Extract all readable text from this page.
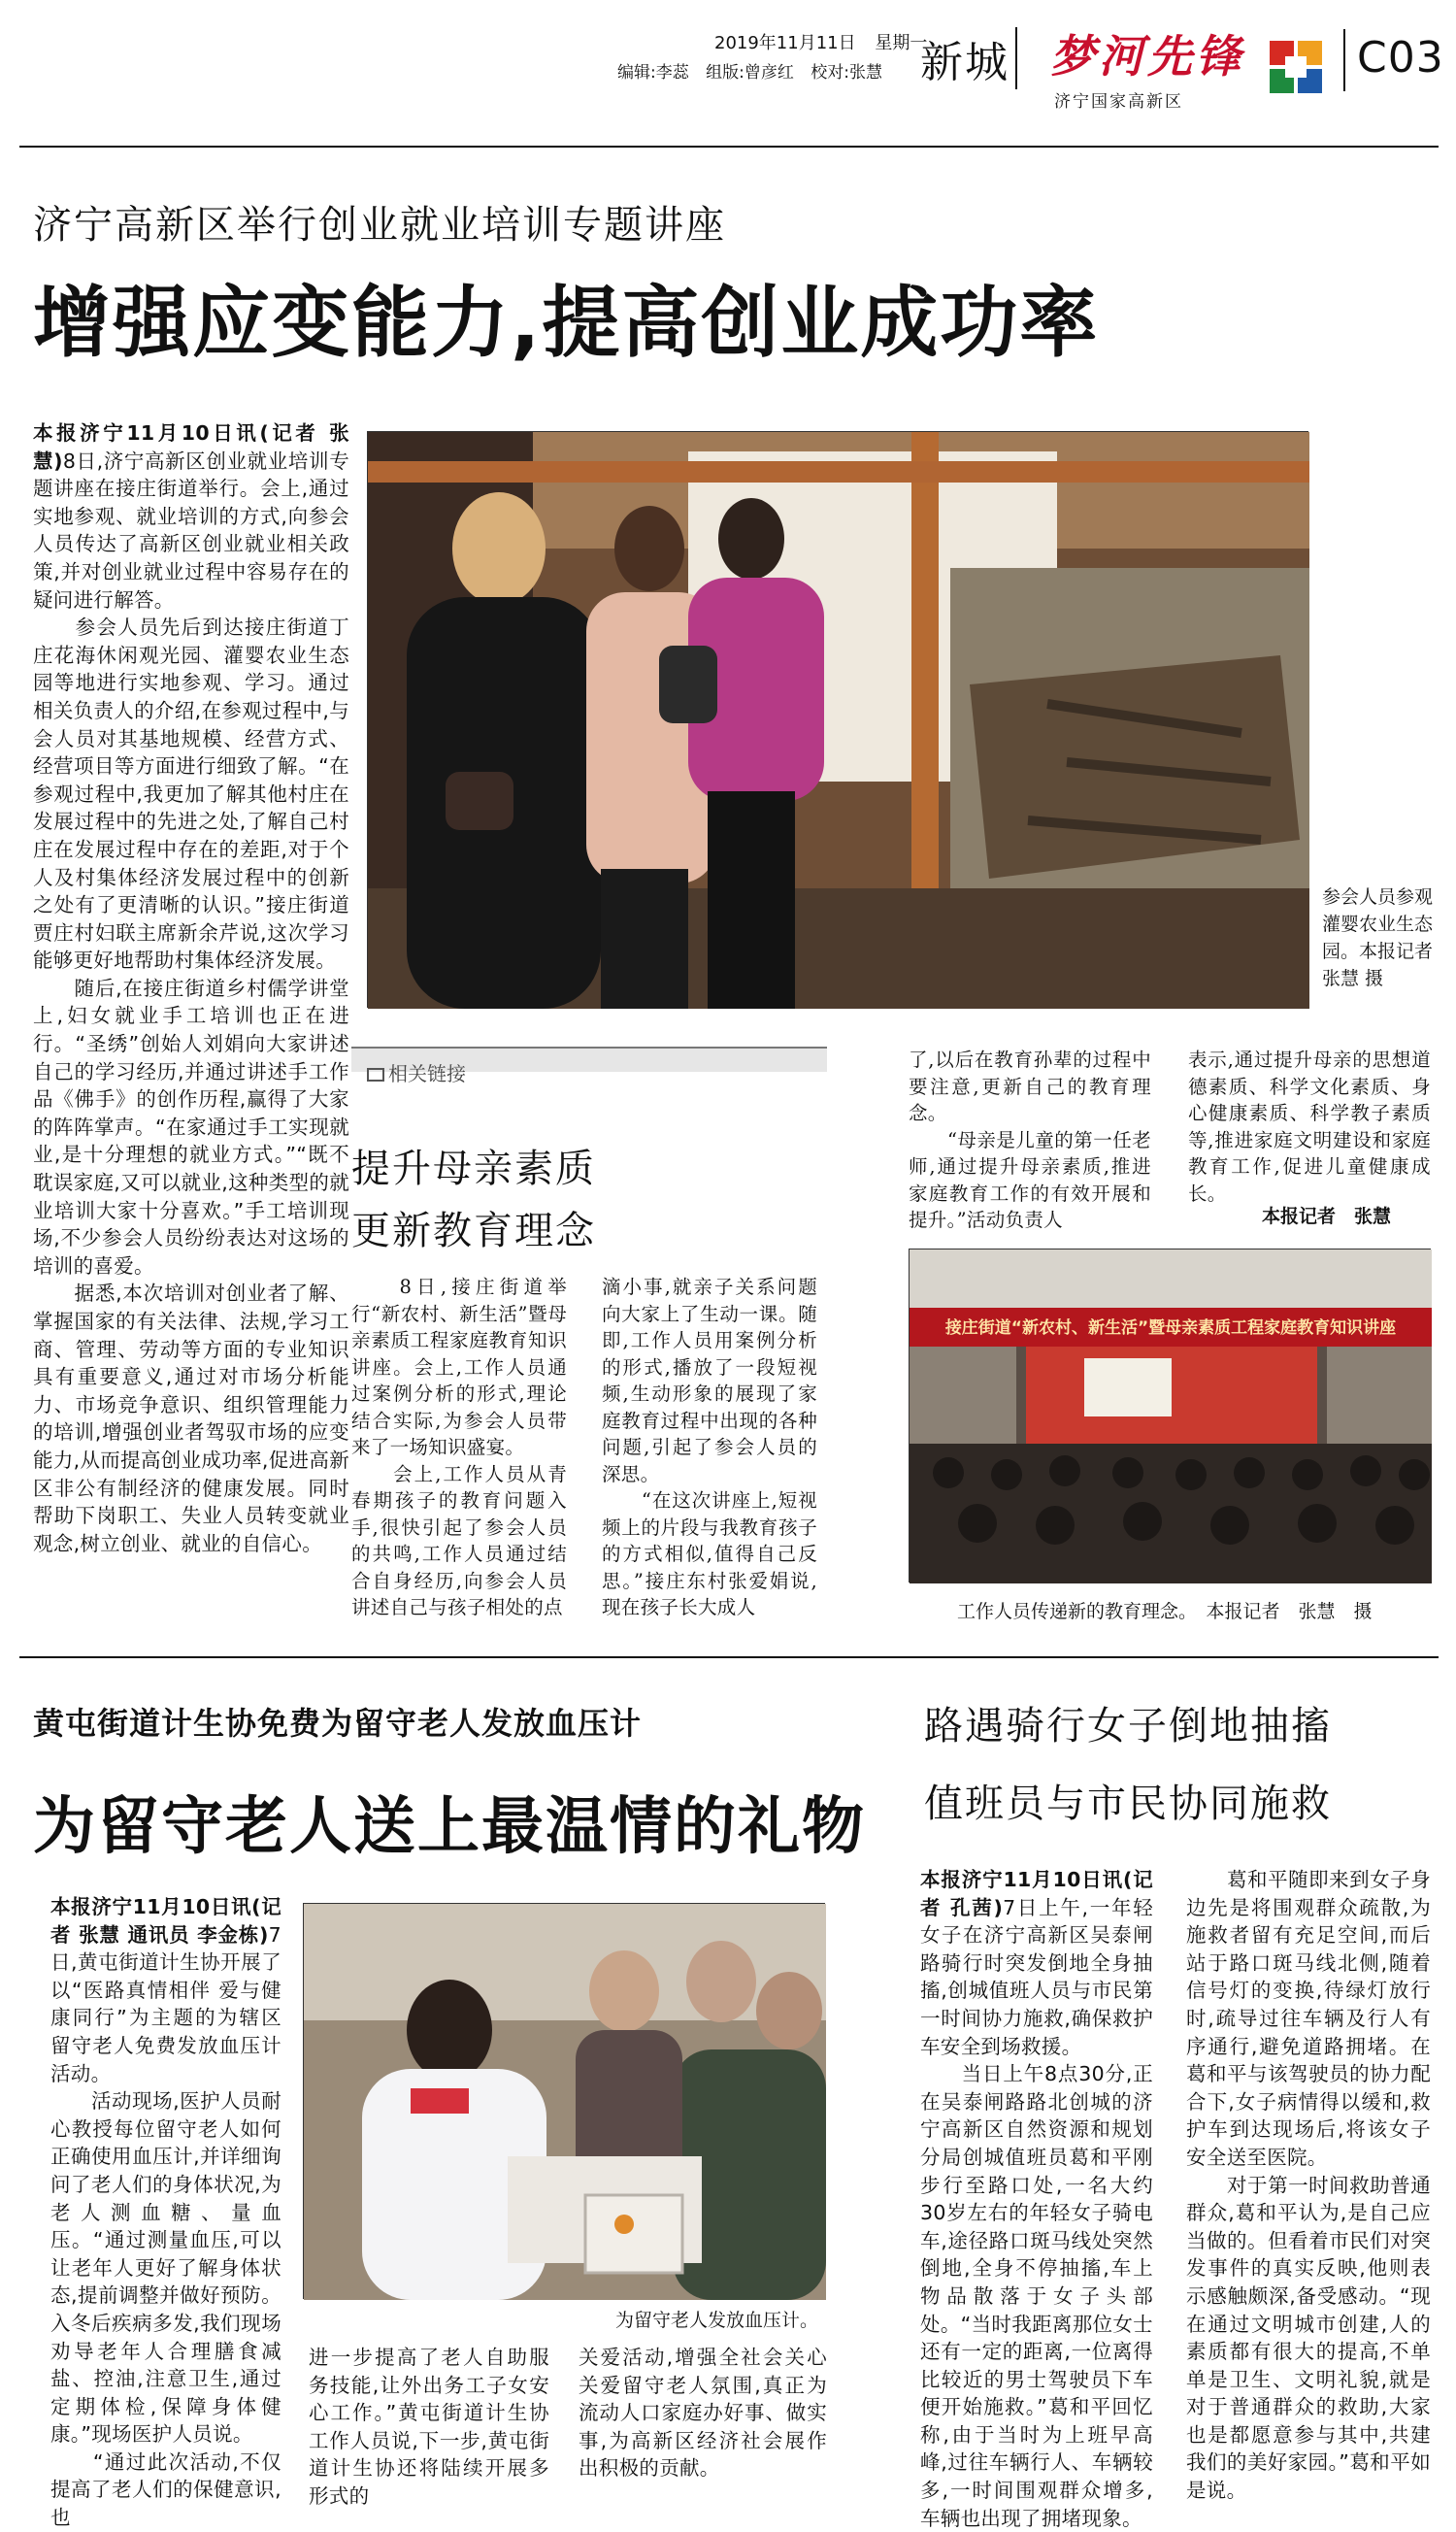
2019年11月11日 星期一
编辑:李蕊 组版:曾彦红 校对:张慧 新城 梦河先锋
济宁国家高新区
C03
济宁高新区举行创业就业培训专题讲座
增强应变能力,提高创业成功率
本报济宁11月10日讯(记者 张慧)8日,济宁高新区创业就业培训专题讲座在接庄街道举行。会上,通过实地参观、就业培训的方式,向参会人员传达了高新区创业就业相关政策,并对创业就业过程中容易存在的疑问进行解答。
　　参会人员先后到达接庄街道丁庄花海休闲观光园、灌婴农业生态园等地进行实地参观、学习。通过相关负责人的介绍,在参观过程中,与会人员对其基地规模、经营方式、经营项目等方面进行细致了解。“在参观过程中,我更加了解其他村庄在发展过程中的先进之处,了解自己村庄在发展过程中存在的差距,对于个人及村集体经济发展过程中的创新之处有了更清晰的认识。”接庄街道贾庄村妇联主席新余芹说,这次学习能够更好地帮助村集体经济发展。
　　随后,在接庄街道乡村儒学讲堂上,妇女就业手工培训也正在进行。“圣绣”创始人刘娟向大家讲述自己的学习经历,并通过讲述手工作品《佛手》的创作历程,赢得了大家的阵阵掌声。“在家通过手工实现就业,是十分理想的就业方式。”“既不耽误家庭,又可以就业,这种类型的就业培训大家十分喜欢。”手工培训现场,不少参会人员纷纷表达对这场的培训的喜爱。
　　据悉,本次培训对创业者了解、掌握国家的有关法律、法规,学习工商、管理、劳动等方面的专业知识具有重要意义,通过对市场分析能力、市场竞争意识、组织管理能力的培训,增强创业者驾驭市场的应变能力,从而提高创业成功率,促进高新区非公有制经济的健康发展。同时帮助下岗职工、失业人员转变就业观念,树立创业、就业的自信心。
参会人员参观灌婴农业生态园。本报记者 张慧 摄
相关链接
提升母亲素质
更新教育理念
　　8日,接庄街道举行“新农村、新生活”暨母亲素质工程家庭教育知识讲座。会上,工作人员通过案例分析的形式,理论结合实际,为参会人员带来了一场知识盛宴。
　　会上,工作人员从青春期孩子的教育问题入手,很快引起了参会人员的共鸣,工作人员通过结合自身经历,向参会人员讲述自己与孩子相处的点
滴小事,就亲子关系问题向大家上了生动一课。随即,工作人员用案例分析的形式,播放了一段短视频,生动形象的展现了家庭教育过程中出现的各种问题,引起了参会人员的深思。
　　“在这次讲座上,短视频上的片段与我教育孩子的方式相似,值得自己反思。”接庄东村张爱娟说,现在孩子长大成人
了,以后在教育孙辈的过程中要注意,更新自己的教育理念。
　　“母亲是儿童的第一任老师,通过提升母亲素质,推进家庭教育工作的有效开展和提升。”活动负责人
表示,通过提升母亲的思想道德素质、科学文化素质、身心健康素质、科学教子素质等,推进家庭文明建设和家庭教育工作,促进儿童健康成长。
本报记者　张慧
接庄街道“新农村、新生活”暨母亲素质工程家庭教育知识讲座
工作人员传递新的教育理念。　本报记者　张慧　摄
黄屯街道计生协免费为留守老人发放血压计
为留守老人送上最温情的礼物
本报济宁11月10日讯(记者 张慧 通讯员 李金栋)7日,黄屯街道计生协开展了以“医路真情相伴 爱与健康同行”为主题的为辖区留守老人免费发放血压计活动。
　　活动现场,医护人员耐心教授每位留守老人如何正确使用血压计,并详细询问了老人们的身体状况,为老人测血糖、量血压。“通过测量血压,可以让老年人更好了解身体状态,提前调整并做好预防。入冬后疾病多发,我们现场劝导老年人合理膳食减盐、控油,注意卫生,通过定期体检,保障身体健康。”现场医护人员说。
　　“通过此次活动,不仅提高了老人们的保健意识,也
为留守老人发放血压计。
进一步提高了老人自助服务技能,让外出务工子女安心工作。”黄屯街道计生协工作人员说,下一步,黄屯街道计生协还将陆续开展多形式的
关爱活动,增强全社会关心关爱留守老人氛围,真正为流动人口家庭办好事、做实事,为高新区经济社会展作出积极的贡献。
路遇骑行女子倒地抽搐
值班员与市民协同施救
本报济宁11月10日讯(记者 孔茜)7日上午,一年轻女子在济宁高新区吴泰闸路骑行时突发倒地全身抽搐,创城值班人员与市民第一时间协力施救,确保救护车安全到场救援。
　　当日上午8点30分,正在吴泰闸路路北创城的济宁高新区自然资源和规划分局创城值班员葛和平刚步行至路口处,一名大约30岁左右的年轻女子骑电车,途径路口斑马线处突然倒地,全身不停抽搐,车上物品散落于女子头部处。“当时我距离那位女士还有一定的距离,一位离得比较近的男士驾驶员下车便开始施救。”葛和平回忆称,由于当时为上班早高峰,过往车辆行人、车辆较多,一时间围观群众增多,车辆也出现了拥堵现象。
　　葛和平随即来到女子身边先是将围观群众疏散,为施救者留有充足空间,而后站于路口斑马线北侧,随着信号灯的变换,待绿灯放行时,疏导过往车辆及行人有序通行,避免道路拥堵。在葛和平与该驾驶员的协力配合下,女子病情得以缓和,救护车到达现场后,将该女子安全送至医院。
　　对于第一时间救助普通群众,葛和平认为,是自己应当做的。但看着市民们对突发事件的真实反映,他则表示感触颇深,备受感动。“现在通过文明城市创建,人的素质都有很大的提高,不单单是卫生、文明礼貌,就是对于普通群众的救助,大家也是都愿意参与其中,共建我们的美好家园。”葛和平如是说。
